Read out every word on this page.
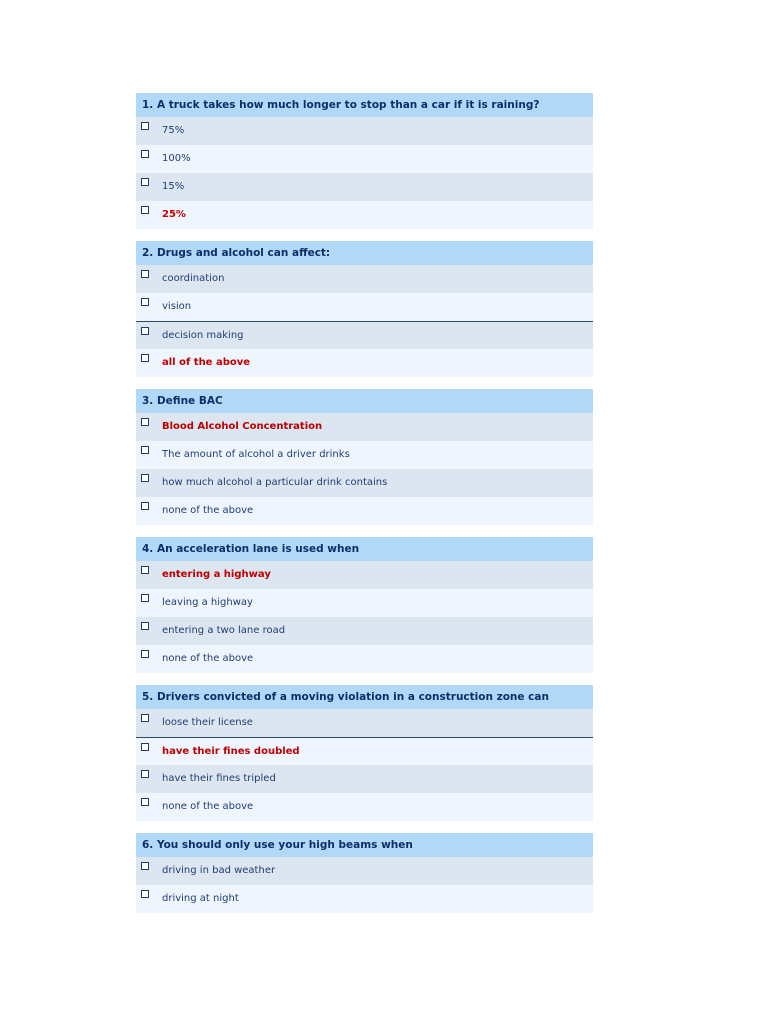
1. A truck takes how much longer to stop than a car if it is raining?
75%
100%
15%
25%
2. Drugs and alcohol can affect:
coordination
vision
decision making
all of the above
3. Define BAC
Blood Alcohol Concentration
The amount of alcohol a driver drinks
how much alcohol a particular drink contains
none of the above
4. An acceleration lane is used when
entering a highway
leaving a highway
entering a two lane road
none of the above
5. Drivers convicted of a moving violation in a construction zone can
loose their license
have their fines doubled
have their fines tripled
none of the above
6. You should only use your high beams when
driving in bad weather
driving at night
